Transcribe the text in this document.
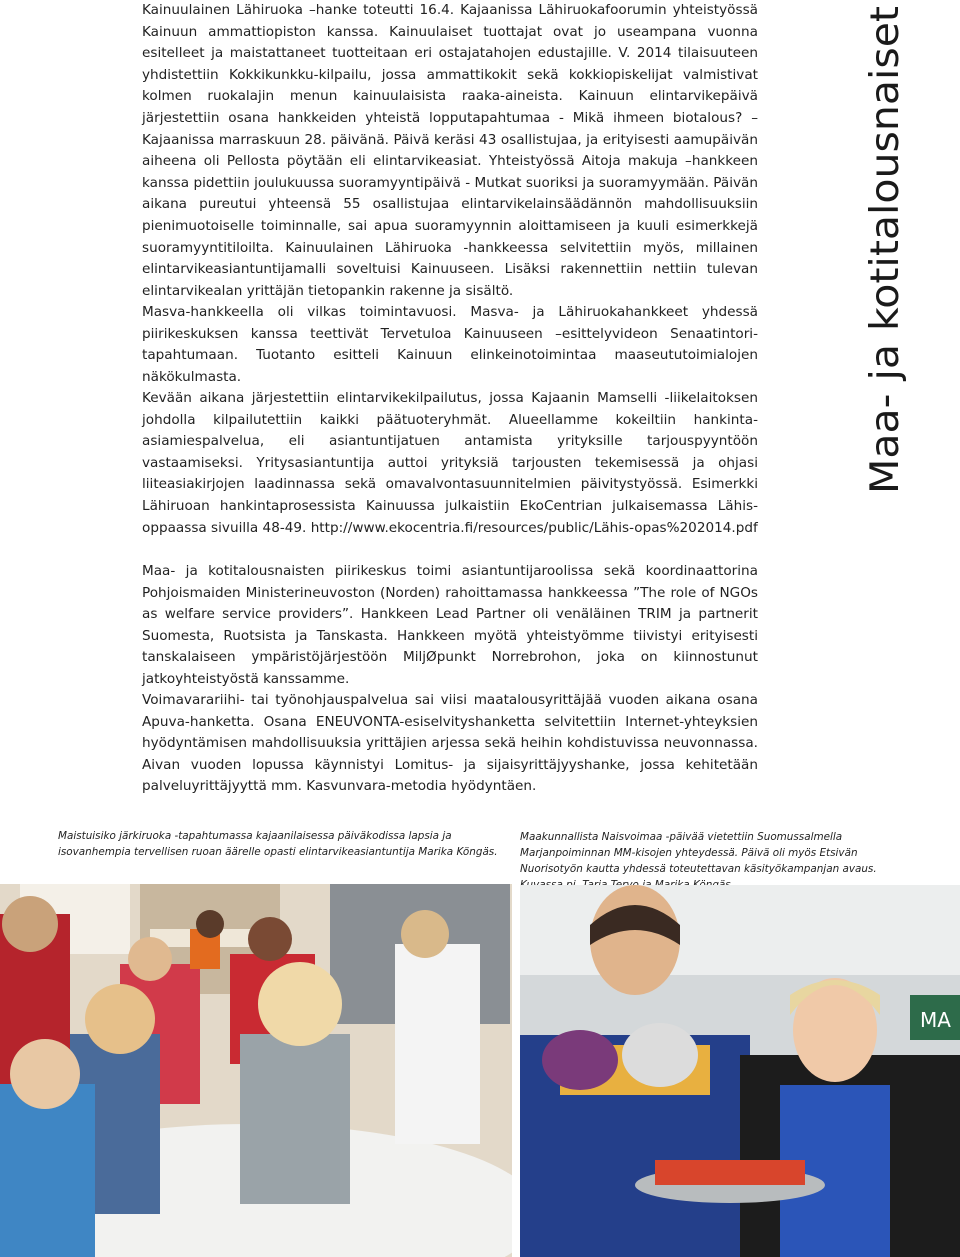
Kainuulainen Lähiruoka –hanke toteutti 16.4. Kajaanissa Lähiruokafoorumin yhteistyössä Kainuun ammattiopiston kanssa. Kainuulaiset tuottajat ovat jo useampana vuonna esitelleet ja maistattaneet tuotteitaan eri ostajatahojen edustajille. V. 2014 tilaisuuteen yhdistettiin Kokkikunkku-kilpailu, jossa ammattikokit sekä kokkiopiskelijat valmistivat kolmen ruokalajin menun kainuulaisista raaka-aineista. Kainuun elintarvikepäivä järjestettiin osana hankkeiden yhteistä lopputapahtumaa - Mikä ihmeen biotalous? – Kajaanissa marraskuun 28. päivänä. Päivä keräsi 43 osallistujaa, ja erityisesti aamupäivän aiheena oli Pellosta pöytään eli elintarvikeasiat. Yhteistyössä Aitoja makuja –hankkeen kanssa pidettiin joulukuussa suoramyyntipäivä - Mutkat suoriksi ja suoramyymään. Päivän aikana pureutui yhteensä 55 osallistujaa elintarvikelainsäädännön mahdollisuuksiin pienimuotoiselle toiminnalle, sai apua suoramyynnin aloittamiseen ja kuuli esimerkkejä suoramyyntitiloilta. Kainuulainen Lähiruoka -hankkeessa selvitettiin myös, millainen elintarvikeasiantuntijamalli soveltuisi Kainuuseen. Lisäksi rakennettiin nettiin tulevan elintarvikealan yrittäjän tietopankin rakenne ja sisältö.

Masva-hankkeella oli vilkas toimintavuosi. Masva- ja Lähiruokahankkeet yhdessä piirikeskuksen kanssa teettivät Tervetuloa Kainuuseen –esittelyvideon Senaatintori-tapahtumaan. Tuotanto esitteli Kainuun elinkeinotoimintaa maaseututoimialojen näkökulmasta.

Kevään aikana järjestettiin elintarvikekilpailutus, jossa Kajaanin Mamselli -liikelaitoksen johdolla kilpailutettiin kaikki päätuoteryhmät. Alueellamme kokeiltiin hankinta-asiamiespalvelua, eli asiantuntijatuen antamista yrityksille tarjouspyyntöön vastaamiseksi. Yritysasiantuntija auttoi yrityksiä tarjousten tekemisessä ja ohjasi liiteasiakirjojen laadinnassa sekä omavalvontasuunnitelmien päivitystyössä. Esimerkki Lähiruoan hankintaprosessista Kainuussa julkaistiin EkoCentrian julkaisemassa Lähis-oppaassa sivuilla 48-49. http://www.ekocentria.fi/resources/public/Lähis-opas%202014.pdf

Maa- ja kotitalousnaisten piirikeskus toimi asiantuntijaroolissa sekä koordinaattorina Pohjoismaiden Ministerineuvoston (Norden) rahoittamassa hankkeessa ”The role of NGOs as welfare service providers”. Hankkeen Lead Partner oli venäläinen TRIM ja partnerit Suomesta, Ruotsista ja Tanskasta. Hankkeen myötä yhteistyömme tiivistyi erityisesti tanskalaiseen ympäristöjärjestöön MiljØpunkt Norrebrohon, joka on kiinnostunut jatkoyhteistyöstä kanssamme.

Voimavarariihi- tai työnohjauspalvelua sai viisi maatalousyrittäjää vuoden aikana osana Apuva-hanketta. Osana ENEUVONTA-esiselvityshanketta selvitettiin Internet-yhteyksien hyödyntämisen mahdollisuuksia yrittäjien arjessa sekä heihin kohdistuvissa neuvonnassa. Aivan vuoden lopussa käynnistyi Lomitus- ja sijaisyrittäjyyshanke, jossa kehitetään palveluyrittäjyyttä mm. Kasvunvara-metodia hyödyntäen.

Maa- ja kotitalousnaiset

Maistuisiko järkiruoka -tapahtumassa kajaanilaisessa päiväkodissa lapsia ja isovanhempia tervellisen ruoan äärelle opasti elintarvikeasiantuntija Marika Köngäs.

Maakunnallista Naisvoimaa -päivää vietettiin Suomussalmella Marjanpoiminnan MM-kisojen yhteydessä. Päivä oli myös Etsivän Nuorisotyön kautta yhdessä toteutettavan käsityökampanjan avaus.

MA
